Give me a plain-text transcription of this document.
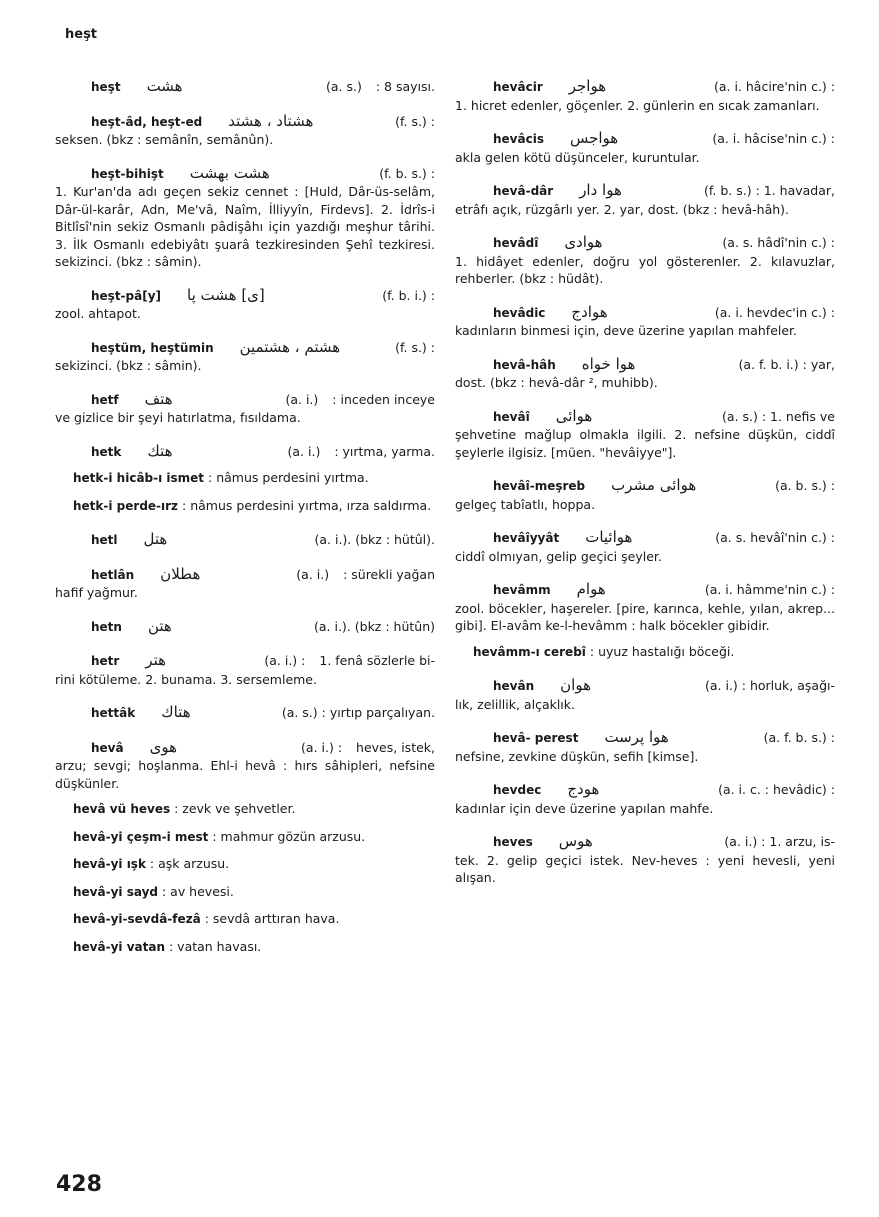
heşt
heşt هشت	(a. s.) : 8 sayısı.
heşt-âd, heşt-ed هشتاد ، هشتد	(f. s.) :
seksen. (bkz : semânîn, semânûn).
heşt-bihişt هشت بهشت	(f. b. s.) :
1. Kur'an'da adı geçen sekiz cennet : [Huld, Dâr-üs-selâm, Dâr-ül-karâr, Adn, Me'vâ, Naîm, İlliyyîn, Firdevs]. 2. İdrîs-i Bitlîsî'nin sekiz Osmanlı pâdişâhı için yazdığı meşhur târihi. 3. İlk Osmanlı edebiyâtı şuarâ tezkiresinden Şehî tezkiresi. sekizinci. (bkz : sâmin).
heşt-pâ[y] [ى] هشت پا	(f. b. i.) :
zool. ahtapot.
heştüm, heştümin هشتم ، هشتمين	(f. s.) :
sekizinci. (bkz : sâmin).
hetf هتف	(a. i.) : inceden inceye
ve gizlice bir şeyi hatırlatma, fısıldama.
hetk هتك	(a. i.) : yırtma, yarma.
hetk-i hicâb-ı ismet : nâmus perdesini yırtma.
hetk-i perde-ırz : nâmus perdesini yırtma, ırza saldırma.
hetl هتل	(a. i.). (bkz : hütûl).
hetlân هطلان	(a. i.) : sürekli yağan
hafif yağmur.
hetn هتن	(a. i.). (bkz : hütûn)
hetr هتر	(a. i.) : 1. fenâ sözlerle bi-
rini kötüleme. 2. bunama. 3. sersemleme.
hettâk هتاك	(a. s.) : yırtıp parçalıyan.
hevâ هوى	(a. i.) : heves, istek,
arzu; sevgi; hoşlanma. Ehl-i hevâ : hırs sâhipleri, nefsine düşkünler.
hevâ vü heves : zevk ve şehvetler.
hevâ-yi çeşm-i mest : mahmur gözün arzusu.
hevâ-yi ışk : aşk arzusu.
hevâ-yi sayd : av hevesi.
hevâ-yi-sevdâ-fezâ : sevdâ arttıran hava.
hevâ-yi vatan : vatan havası.
hevâcir هواجر	(a. i. hâcire'nin c.) :
1. hicret edenler, göçenler. 2. günlerin en sıcak zamanları.
hevâcis هواجس	(a. i. hâcise'nin c.) :
akla gelen kötü düşünceler, kuruntular.
hevâ-dâr هوا دار	(f. b. s.) : 1. havadar,
etrâfı açık, rüzgârlı yer. 2. yar, dost. (bkz : hevâ-hâh).
hevâdî هوادى	(a. s. hâdî'nin c.) :
1. hidâyet edenler, doğru yol gösterenler. 2. kılavuzlar, rehberler. (bkz : hüdât).
hevâdic هوادج	(a. i. hevdec'in c.) :
kadınların binmesi için, deve üzerine yapılan mahfeler.
hevâ-hâh هوا خواه	(a. f. b. i.) : yar,
dost. (bkz : hevâ-dâr ², muhibb).
hevâî هوائى	(a. s.) : 1. nefis ve
şehvetine mağlup olmakla ilgili. 2. nefsine düşkün, ciddî şeylerle ilgisiz. [müen. "hevâiyye"].
hevâî-meşreb هوائى مشرب	(a. b. s.) :
gelgeç tabîatlı, hoppa.
hevâîyyât هوائيات	(a. s. hevâî'nin c.) :
ciddî olmıyan, gelip geçici şeyler.
hevâmm هوام	(a. i. hâmme'nin c.) :
zool. böcekler, haşereler. [pire, karınca, kehle, yılan, akrep... gibi]. El-avâm ke-l-hevâmm : halk böcekler gibidir.
hevâmm-ı cerebî : uyuz hastalığı böceği.
hevân هوان	(a. i.) : horluk, aşağı-
lık, zelillik, alçaklık.
hevâ- perest هوا پرست	(a. f. b. s.) :
nefsine, zevkine düşkün, sefih [kimse].
hevdec هودج	(a. i. c. : hevâdic) :
kadınlar için deve üzerine yapılan mahfe.
heves هوس	(a. i.) : 1. arzu, is-
tek. 2. gelip geçici istek. Nev-heves : yeni hevesli, yeni alışan.
428
